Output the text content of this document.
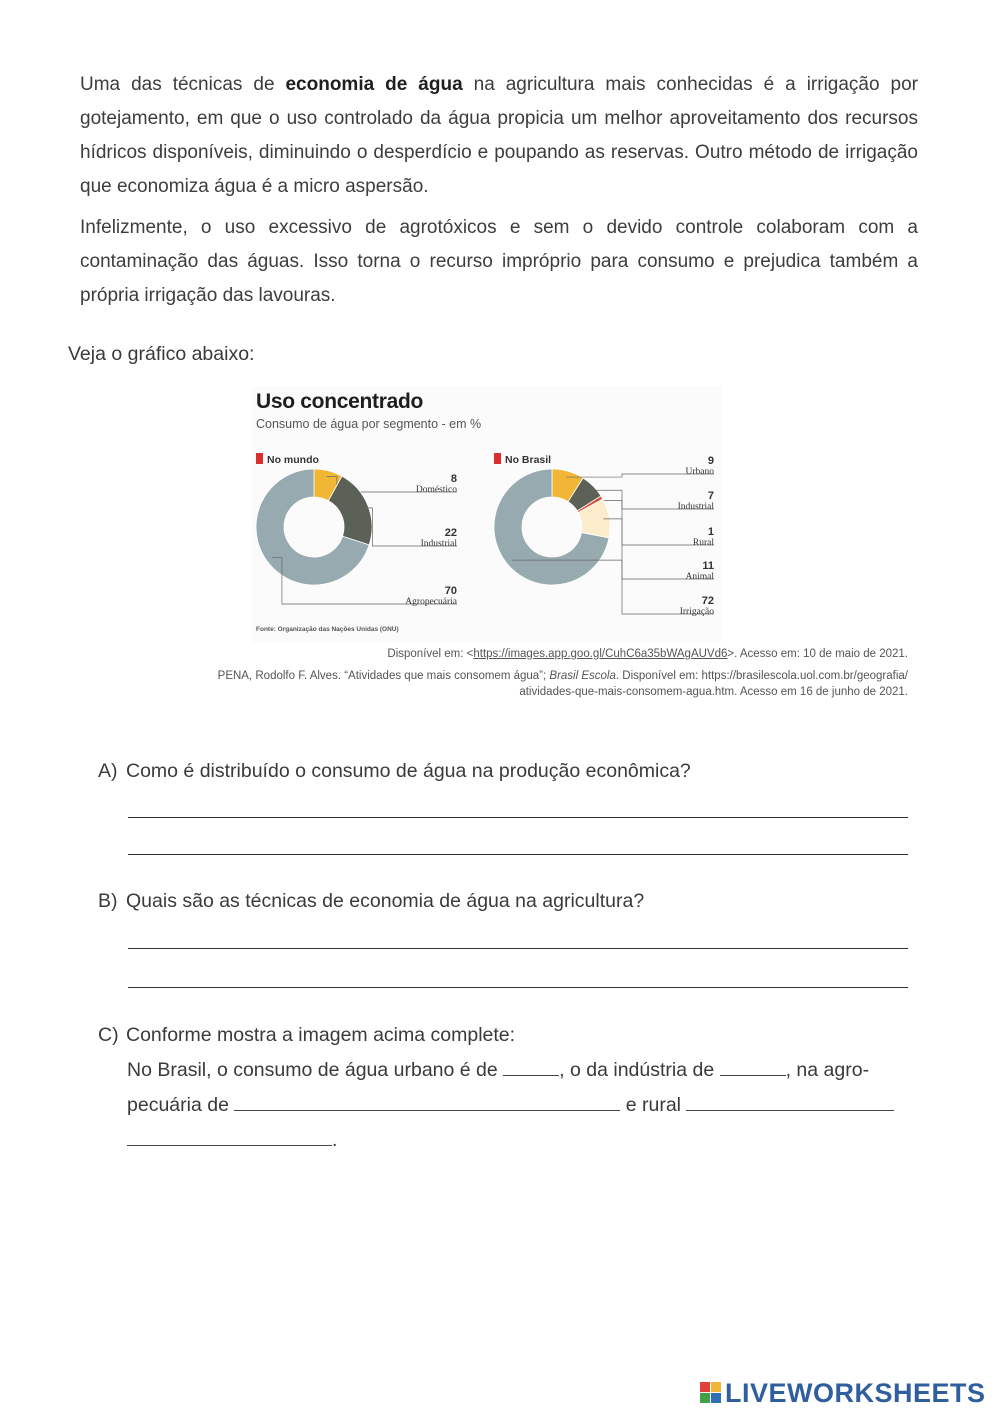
Uma das técnicas de economia de água na agricultura mais conhecidas é a irrigação por gotejamento, em que o uso controlado da água propicia um melhor aproveitamento dos recursos hídricos disponíveis, diminuindo o desperdício e poupando as reservas. Outro método de irrigação que economiza água é a micro aspersão.

Infelizmente, o uso excessivo de agrotóxicos e sem o devido controle colaboram com a contaminação das águas. Isso torna o recurso impróprio para consumo e prejudica também a própria irrigação das lavouras.

Veja o gráfico abaixo:
No mundo
8
Doméstico
22
Industrial
70
Agropecuária
No Brasil	9
Urbano
7
Industrial
1
Rural
11
Animal
72
Irrigação
Uso concentrado
Consumo de água por segmento - em %
Fonte: Organização das Nações Unidas (ONU)
Disponível em: <https://images.app.goo.gl/CuhC6a35bWAgAUVd6>. Acesso em: 10 de maio de 2021.
PENA, Rodolfo F. Alves. “Atividades que mais consomem água”; Brasil Escola. Disponível em: https://brasilescola.uol.com.br/geografia/
atividades-que-mais-consomem-agua.htm. Acesso em 16 de junho de 2021.
A) Como é distribuído o consumo de água na produção econômica?
B) Quais são as técnicas de economia de água na agricultura?
C) Conforme mostra a imagem acima complete:
No Brasil, o consumo de água urbano é de	, o da indústria de	, na agro-
pecuária de	e rural
.
LIVEWORKSHEETS
